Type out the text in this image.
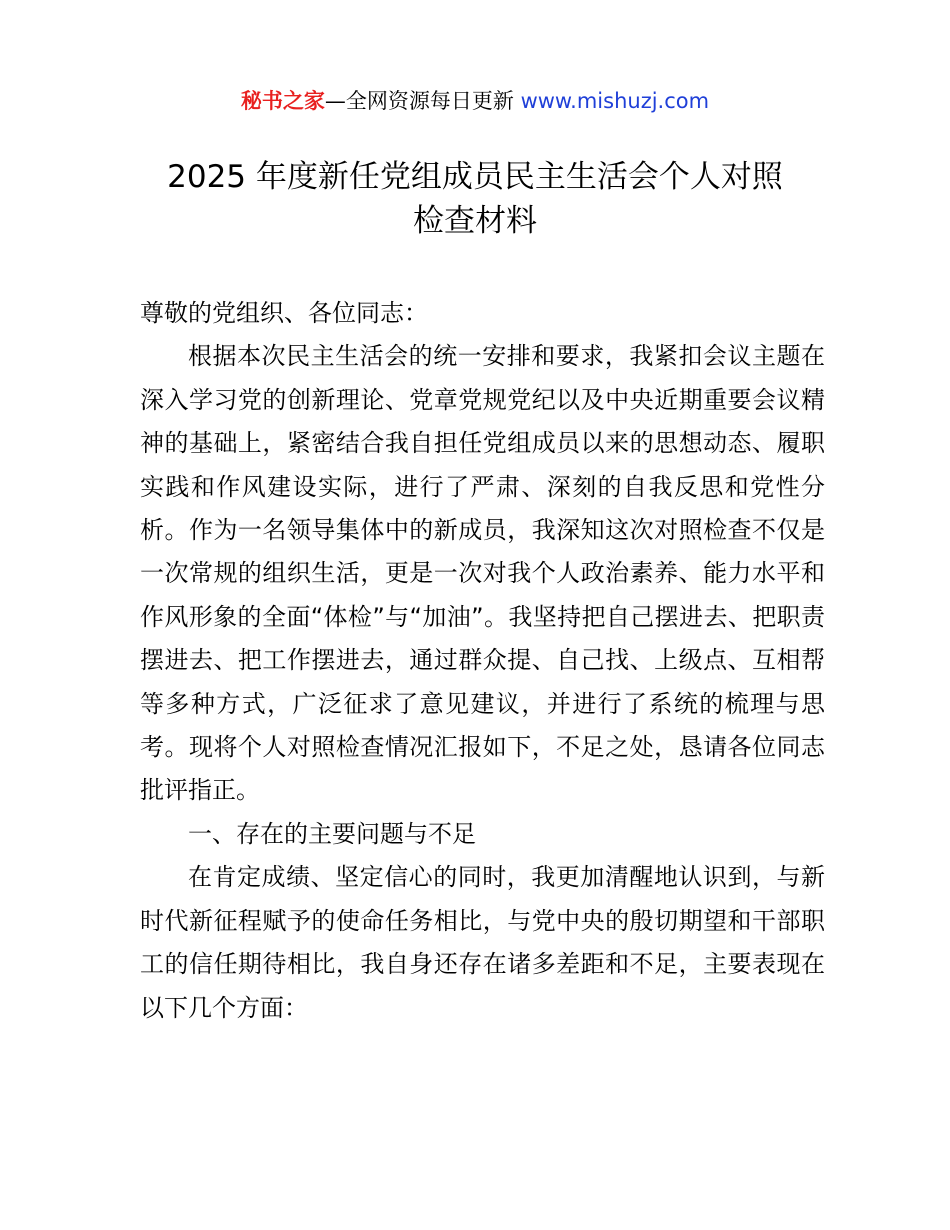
秘书之家—全网资源每日更新 www.mishuzj.com
2025 年度新任党组成员民主生活会个人对照
检查材料

尊敬的党组织、各位同志：

根据本次民主生活会的统一安排和要求，我紧扣会议主题在深入学习党的创新理论、党章党规党纪以及中央近期重要会议精神的基础上，紧密结合我自担任党组成员以来的思想动态、履职实践和作风建设实际，进行了严肃、深刻的自我反思和党性分析。作为一名领导集体中的新成员，我深知这次对照检查不仅是一次常规的组织生活，更是一次对我个人政治素养、能力水平和作风形象的全面“体检”与“加油”。我坚持把自己摆进去、把职责摆进去、把工作摆进去，通过群众提、自己找、上级点、互相帮等多种方式，广泛征求了意见建议，并进行了系统的梳理与思考。现将个人对照检查情况汇报如下，不足之处，恳请各位同志批评指正。

一、存在的主要问题与不足

在肯定成绩、坚定信心的同时，我更加清醒地认识到，与新时代新征程赋予的使命任务相比，与党中央的殷切期望和干部职工的信任期待相比，我自身还存在诸多差距和不足，主要表现在以下几个方面：
